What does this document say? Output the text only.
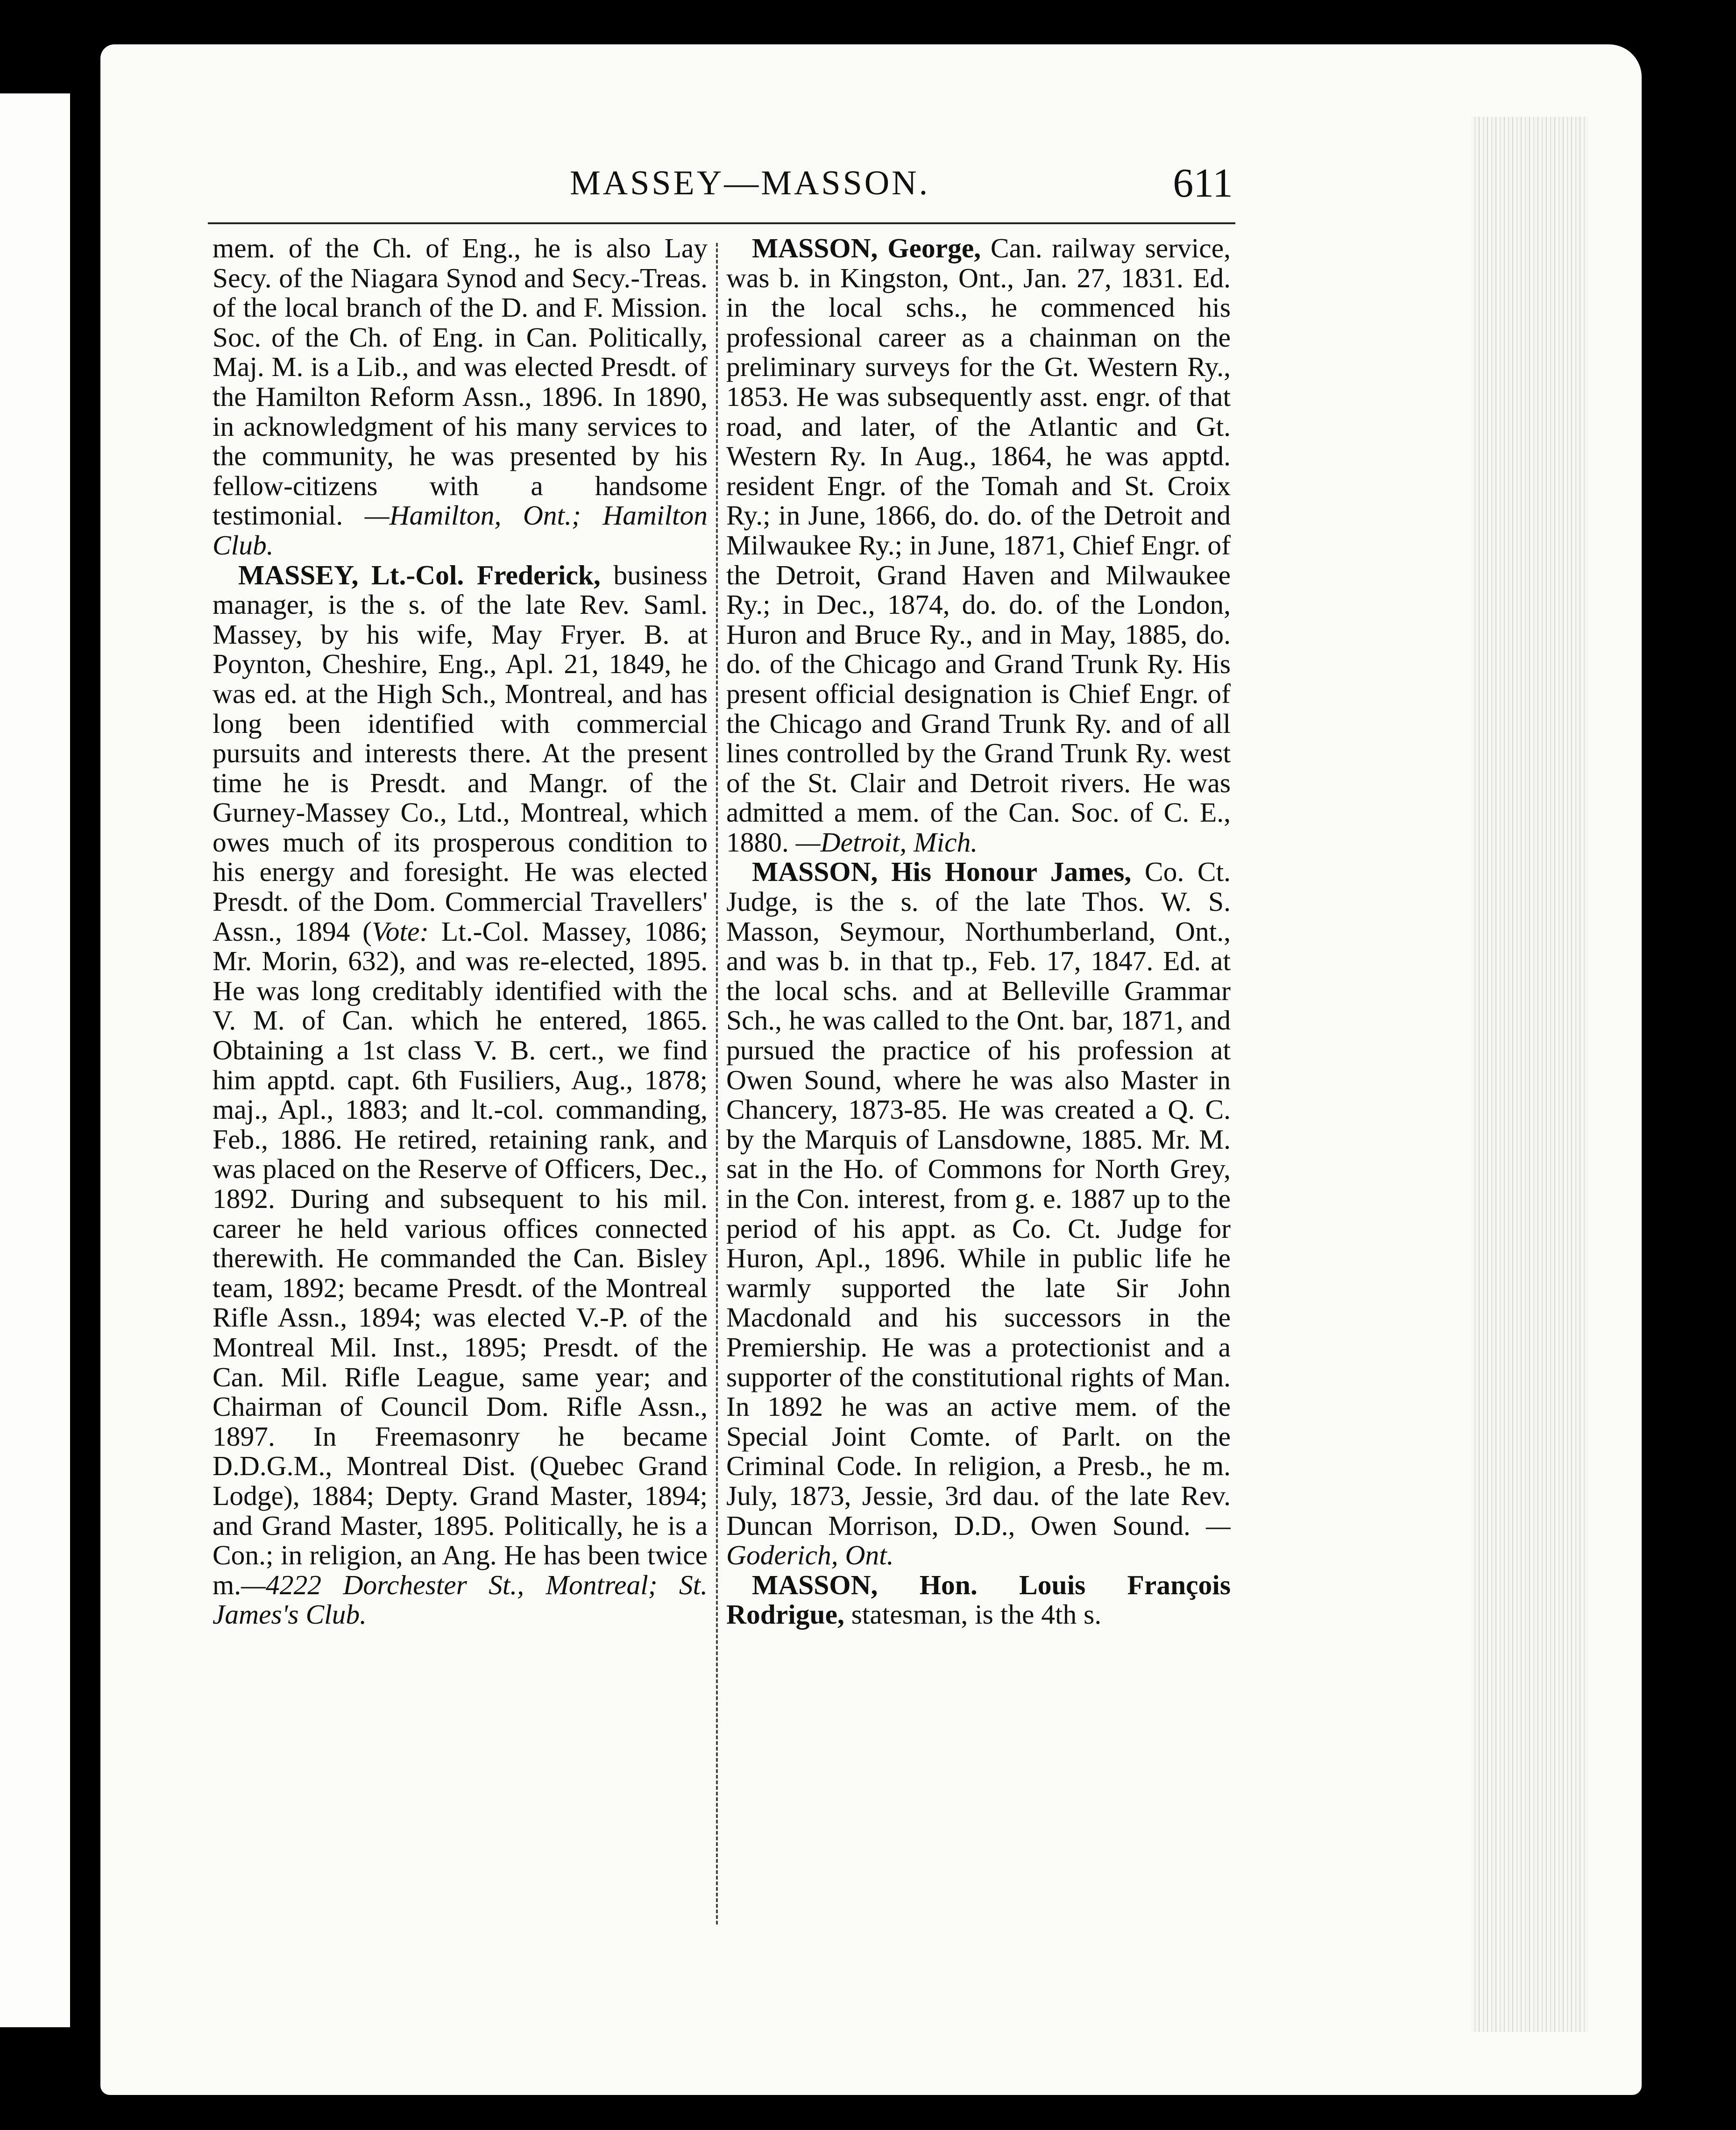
MASSEY—MASSON.	611

mem. of the Ch. of Eng., he is also Lay Secy. of the Niagara Synod and Secy.-Treas. of the local branch of the D. and F. Mission. Soc. of the Ch. of Eng. in Can. Politically, Maj. M. is a Lib., and was elected Presdt. of the Hamilton Reform Assn., 1896. In 1890, in acknowledgment of his many services to the community, he was presented by his fellow-citizens with a handsome testimonial. —Hamilton, Ont.; Hamilton Club.

MASSEY, Lt.-Col. Frederick, business manager, is the s. of the late Rev. Saml. Massey, by his wife, May Fryer. B. at Poynton, Cheshire, Eng., Apl. 21, 1849, he was ed. at the High Sch., Montreal, and has long been identified with commercial pursuits and interests there. At the present time he is Presdt. and Mangr. of the Gurney-Massey Co., Ltd., Montreal, which owes much of its prosperous condition to his energy and foresight. He was elected Presdt. of the Dom. Commercial Travellers' Assn., 1894 (Vote: Lt.-Col. Massey, 1086; Mr. Morin, 632), and was re-elected, 1895. He was long creditably identified with the V. M. of Can. which he entered, 1865. Obtaining a 1st class V. B. cert., we find him apptd. capt. 6th Fusiliers, Aug., 1878; maj., Apl., 1883; and lt.-col. commanding, Feb., 1886. He retired, retaining rank, and was placed on the Reserve of Officers, Dec., 1892. During and subsequent to his mil. career he held various offices connected therewith. He commanded the Can. Bisley team, 1892; became Presdt. of the Montreal Rifle Assn., 1894; was elected V.-P. of the Montreal Mil. Inst., 1895; Presdt. of the Can. Mil. Rifle League, same year; and Chairman of Council Dom. Rifle Assn., 1897. In Freemasonry he became D.D.G.M., Montreal Dist. (Quebec Grand Lodge), 1884; Depty. Grand Master, 1894; and Grand Master, 1895. Politically, he is a Con.; in religion, an Ang. He has been twice m.—4222 Dorchester St., Montreal; St. James's Club.

MASSON, George, Can. railway service, was b. in Kingston, Ont., Jan. 27, 1831. Ed. in the local schs., he commenced his professional career as a chainman on the preliminary surveys for the Gt. Western Ry., 1853. He was subsequently asst. engr. of that road, and later, of the Atlantic and Gt. Western Ry. In Aug., 1864, he was apptd. resident Engr. of the Tomah and St. Croix Ry.; in June, 1866, do. do. of the Detroit and Milwaukee Ry.; in June, 1871, Chief Engr. of the Detroit, Grand Haven and Milwaukee Ry.; in Dec., 1874, do. do. of the London, Huron and Bruce Ry., and in May, 1885, do. do. of the Chicago and Grand Trunk Ry. His present official designation is Chief Engr. of the Chicago and Grand Trunk Ry. and of all lines controlled by the Grand Trunk Ry. west of the St. Clair and Detroit rivers. He was admitted a mem. of the Can. Soc. of C. E., 1880. —Detroit, Mich.

MASSON, His Honour James, Co. Ct. Judge, is the s. of the late Thos. W. S. Masson, Seymour, Northumberland, Ont., and was b. in that tp., Feb. 17, 1847. Ed. at the local schs. and at Belleville Grammar Sch., he was called to the Ont. bar, 1871, and pursued the practice of his profession at Owen Sound, where he was also Master in Chancery, 1873-85. He was created a Q. C. by the Marquis of Lansdowne, 1885. Mr. M. sat in the Ho. of Commons for North Grey, in the Con. interest, from g. e. 1887 up to the period of his appt. as Co. Ct. Judge for Huron, Apl., 1896. While in public life he warmly supported the late Sir John Macdonald and his successors in the Premiership. He was a protectionist and a supporter of the constitutional rights of Man. In 1892 he was an active mem. of the Special Joint Comte. of Parlt. on the Criminal Code. In religion, a Presb., he m. July, 1873, Jessie, 3rd dau. of the late Rev. Duncan Morrison, D.D., Owen Sound. —Goderich, Ont.

MASSON, Hon. Louis François Rodrigue, statesman, is the 4th s.
